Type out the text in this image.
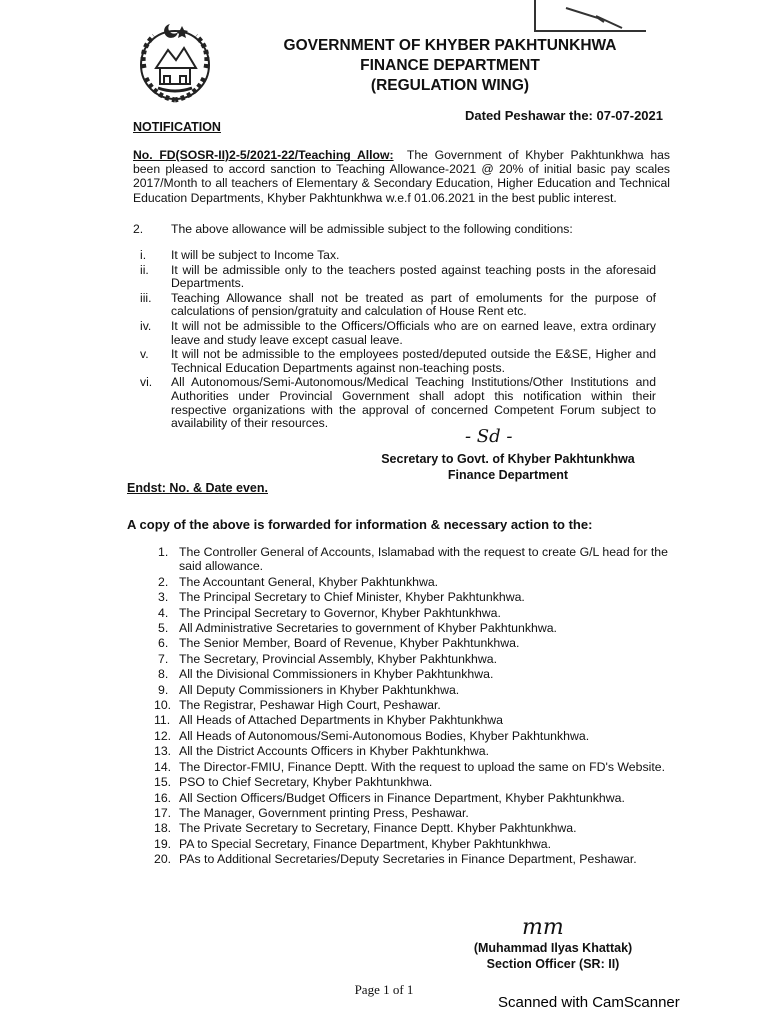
GOVERNMENT OF KHYBER PAKHTUNKHWA
FINANCE DEPARTMENT
(REGULATION WING)
Dated Peshawar the: 07-07-2021
NOTIFICATION
No. FD(SOSR-II)2-5/2021-22/Teaching Allow: The Government of Khyber Pakhtunkhwa has been pleased to accord sanction to Teaching Allowance-2021 @ 20% of initial basic pay scales 2017/Month to all teachers of Elementary & Secondary Education, Higher Education and Technical Education Departments, Khyber Pakhtunkhwa w.e.f 01.06.2021 in the best public interest.
2. The above allowance will be admissible subject to the following conditions:
i. It will be subject to Income Tax.
ii. It will be admissible only to the teachers posted against teaching posts in the aforesaid Departments.
iii. Teaching Allowance shall not be treated as part of emoluments for the purpose of calculations of pension/gratuity and calculation of House Rent etc.
iv. It will not be admissible to the Officers/Officials who are on earned leave, extra ordinary leave and study leave except casual leave.
v. It will not be admissible to the employees posted/deputed outside the E&SE, Higher and Technical Education Departments against non-teaching posts.
vi. All Autonomous/Semi-Autonomous/Medical Teaching Institutions/Other Institutions and Authorities under Provincial Government shall adopt this notification within their respective organizations with the approval of concerned Competent Forum subject to availability of their resources.
- Sd -
Secretary to Govt. of Khyber Pakhtunkhwa
Finance Department
Endst: No. & Date even.
A copy of the above is forwarded for information & necessary action to the:
1. The Controller General of Accounts, Islamabad with the request to create G/L head for the said allowance.
2. The Accountant General, Khyber Pakhtunkhwa.
3. The Principal Secretary to Chief Minister, Khyber Pakhtunkhwa.
4. The Principal Secretary to Governor, Khyber Pakhtunkhwa.
5. All Administrative Secretaries to government of Khyber Pakhtunkhwa.
6. The Senior Member, Board of Revenue, Khyber Pakhtunkhwa.
7. The Secretary, Provincial Assembly, Khyber Pakhtunkhwa.
8. All the Divisional Commissioners in Khyber Pakhtunkhwa.
9. All Deputy Commissioners in Khyber Pakhtunkhwa.
10. The Registrar, Peshawar High Court, Peshawar.
11. All Heads of Attached Departments in Khyber Pakhtunkhwa
12. All Heads of Autonomous/Semi-Autonomous Bodies, Khyber Pakhtunkhwa.
13. All the District Accounts Officers in Khyber Pakhtunkhwa.
14. The Director-FMIU, Finance Deptt. With the request to upload the same on FD's Website.
15. PSO to Chief Secretary, Khyber Pakhtunkhwa.
16. All Section Officers/Budget Officers in Finance Department, Khyber Pakhtunkhwa.
17. The Manager, Government printing Press, Peshawar.
18. The Private Secretary to Secretary, Finance Deptt. Khyber Pakhtunkhwa.
19. PA to Special Secretary, Finance Department, Khyber Pakhtunkhwa.
20. PAs to Additional Secretaries/Deputy Secretaries in Finance Department, Peshawar.
mm
(Muhammad Ilyas Khattak)
Section Officer (SR: II)
Page 1 of 1
Scanned with CamScanner
